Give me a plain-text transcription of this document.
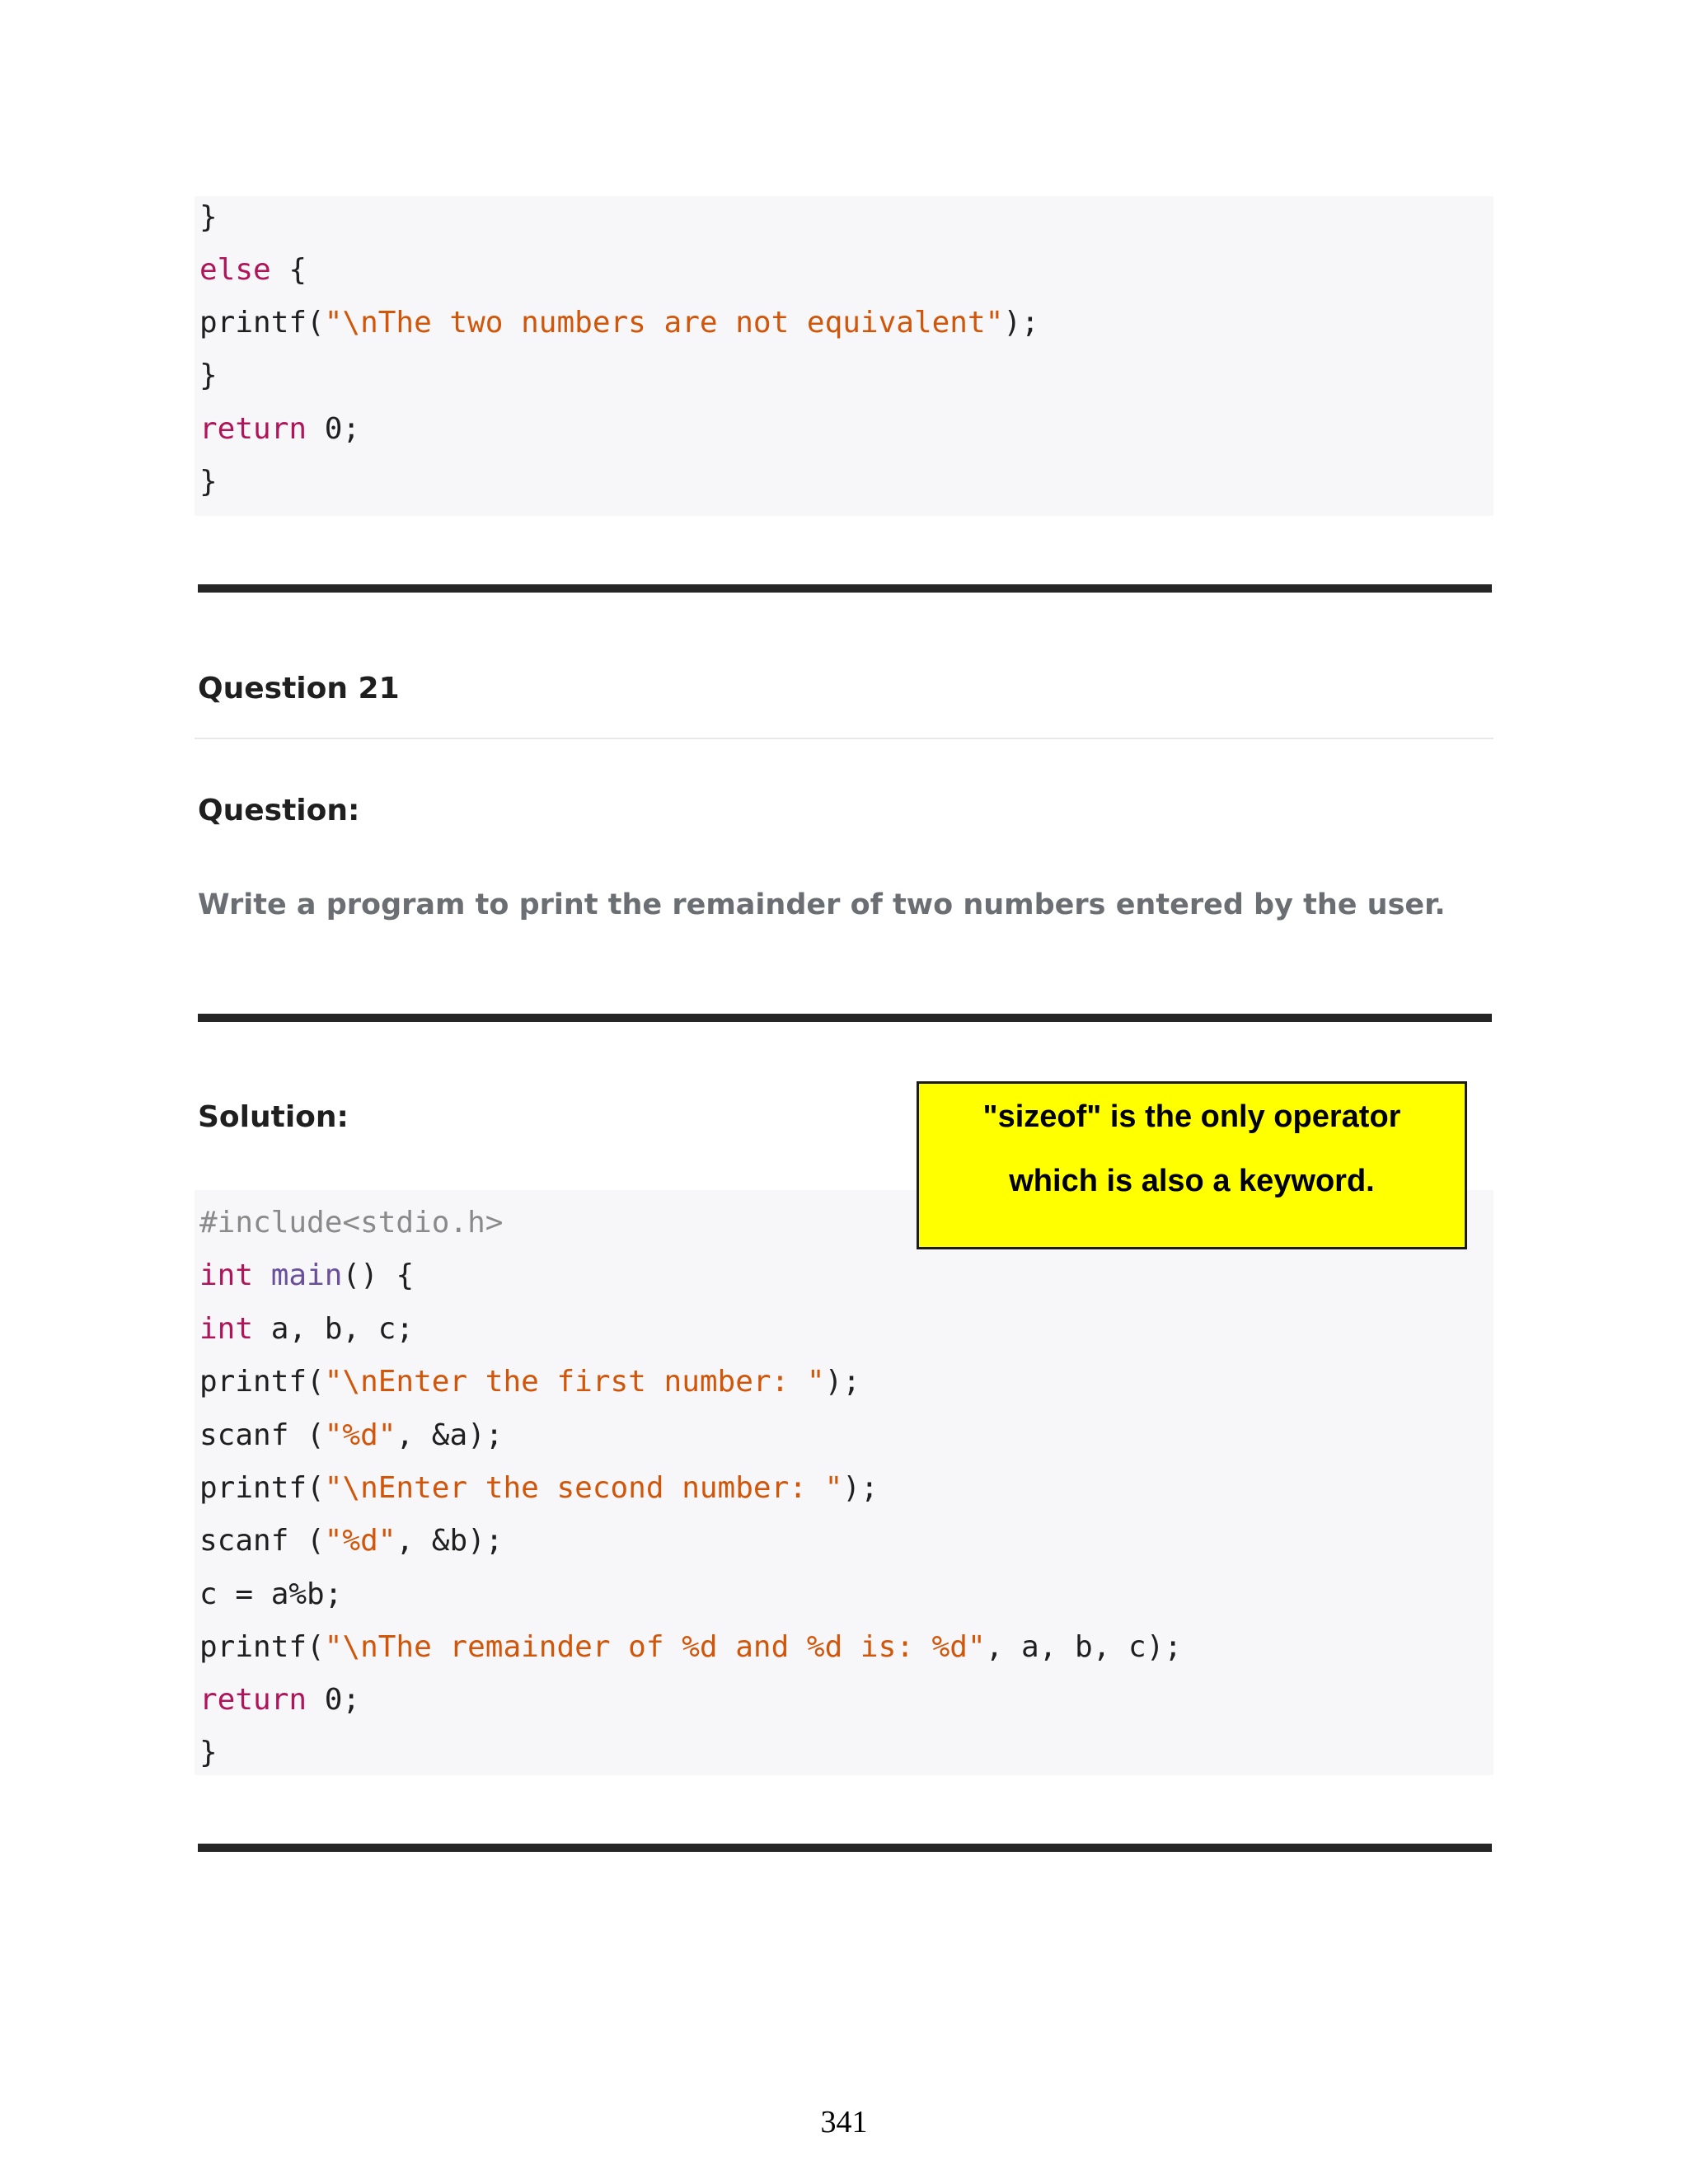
}
else {
printf("\nThe two numbers are not equivalent");
}
return 0;
}
Question 21
Question:
Write a program to print the remainder of two numbers entered by the user.
Solution:
#include<stdio.h>
int main() {
int a, b, c;
printf("\nEnter the first number: ");
scanf ("%d", &a);
printf("\nEnter the second number: ");
scanf ("%d", &b);
c = a%b;
printf("\nThe remainder of %d and %d is: %d", a, b, c);
return 0;
}
"sizeof" is the only operator
which is also a keyword.
341
